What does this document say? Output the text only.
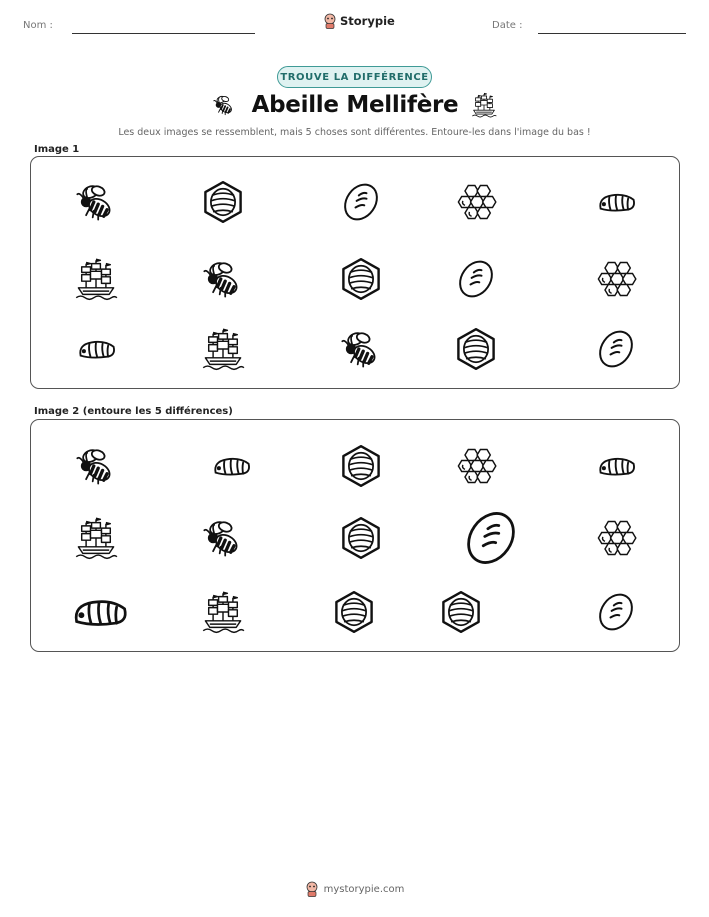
Nom :	Storypie	Date :
TROUVE LA DIFFÉRENCE
Abeille Mellifère
Les deux images se ressemblent, mais 5 choses sont différentes. Entoure-les dans l'image du bas !
Image 1
Image 2 (entoure les 5 différences)
mystorypie.com
